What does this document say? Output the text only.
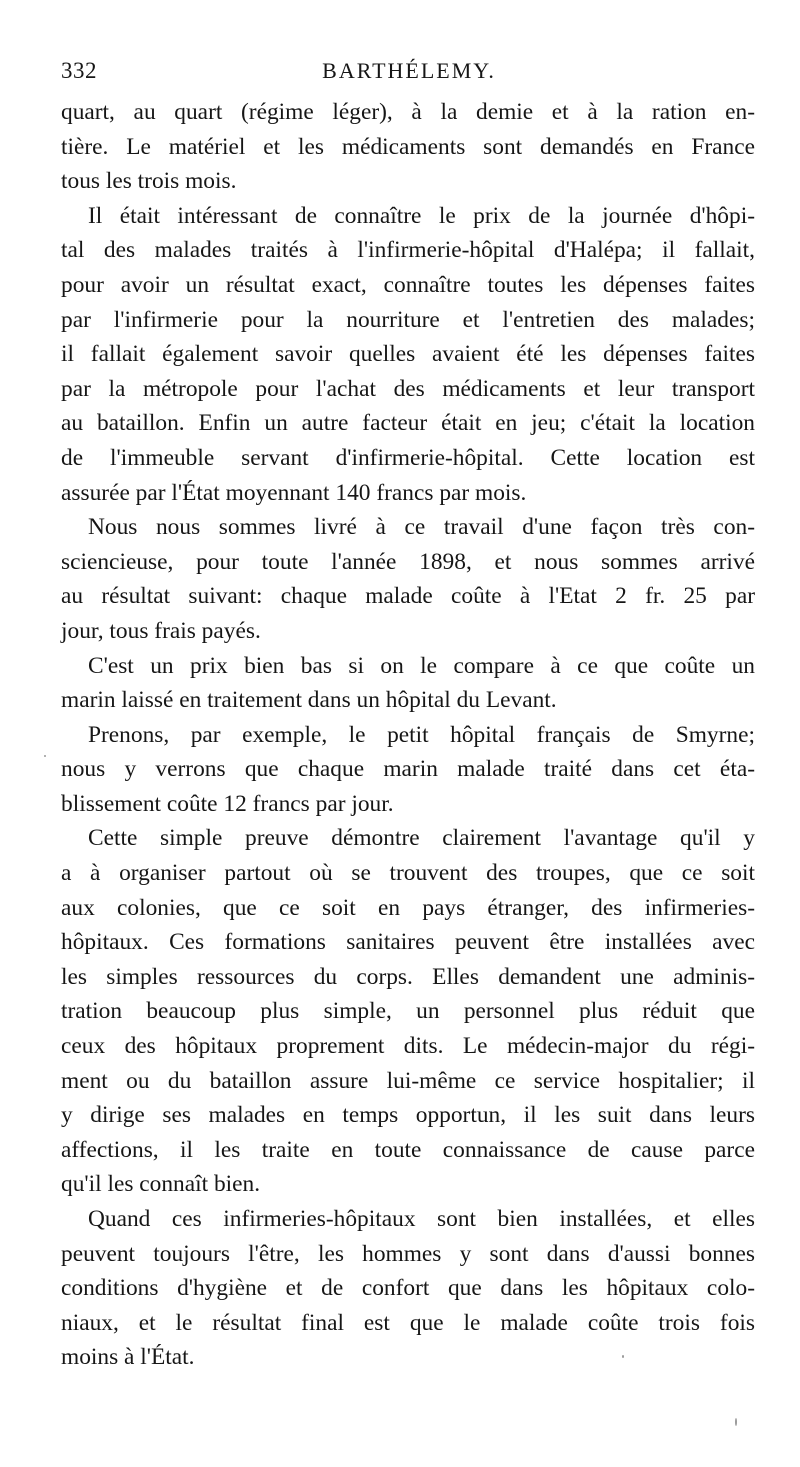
332	BARTHÉLEMY.
quart, au quart (régime léger), à la demie et à la ration en-
tière. Le matériel et les médicaments sont demandés en France
tous les trois mois.
Il était intéressant de connaître le prix de la journée d'hôpi-
tal des malades traités à l'infirmerie-hôpital d'Halépa; il fallait,
pour avoir un résultat exact, connaître toutes les dépenses faites
par l'infirmerie pour la nourriture et l'entretien des malades;
il fallait également savoir quelles avaient été les dépenses faites
par la métropole pour l'achat des médicaments et leur transport
au bataillon. Enfin un autre facteur était en jeu; c'était la location
de l'immeuble servant d'infirmerie-hôpital. Cette location est
assurée par l'État moyennant 140 francs par mois.
Nous nous sommes livré à ce travail d'une façon très con-
sciencieuse, pour toute l'année 1898, et nous sommes arrivé
au résultat suivant: chaque malade coûte à l'Etat 2 fr. 25 par
jour, tous frais payés.
C'est un prix bien bas si on le compare à ce que coûte un
marin laissé en traitement dans un hôpital du Levant.
Prenons, par exemple, le petit hôpital français de Smyrne;
nous y verrons que chaque marin malade traité dans cet éta-
blissement coûte 12 francs par jour.
Cette simple preuve démontre clairement l'avantage qu'il y
a à organiser partout où se trouvent des troupes, que ce soit
aux colonies, que ce soit en pays étranger, des infirmeries-
hôpitaux. Ces formations sanitaires peuvent être installées avec
les simples ressources du corps. Elles demandent une adminis-
tration beaucoup plus simple, un personnel plus réduit que
ceux des hôpitaux proprement dits. Le médecin-major du régi-
ment ou du bataillon assure lui-même ce service hospitalier; il
y dirige ses malades en temps opportun, il les suit dans leurs
affections, il les traite en toute connaissance de cause parce
qu'il les connaît bien.
Quand ces infirmeries-hôpitaux sont bien installées, et elles
peuvent toujours l'être, les hommes y sont dans d'aussi bonnes
conditions d'hygiène et de confort que dans les hôpitaux colo-
niaux, et le résultat final est que le malade coûte trois fois
moins à l'État.
